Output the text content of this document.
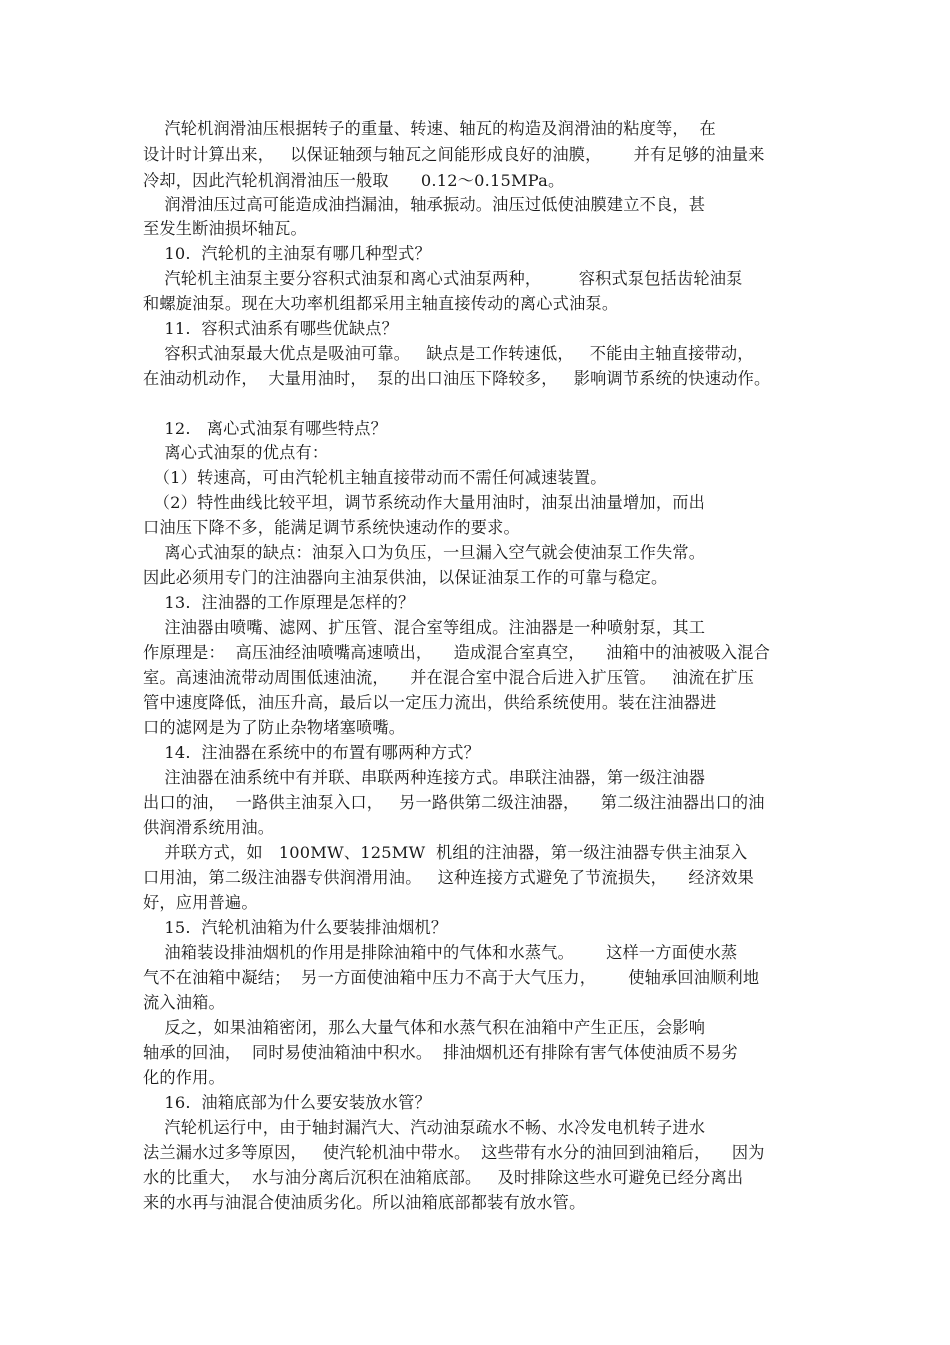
汽轮机润滑油压根据转子的重量、转速、轴瓦的构造及润滑油的粘度等，  在
设计时计算出来，   以保证轴颈与轴瓦之间能形成良好的油膜，      并有足够的油量来
冷却，因此汽轮机润滑油压一般取      0.12～0.15MPa。
润滑油压过高可能造成油挡漏油，轴承振动。油压过低使油膜建立不良，甚
至发生断油损坏轴瓦。
10.  汽轮机的主油泵有哪几种型式？
汽轮机主油泵主要分容积式油泵和离心式油泵两种，       容积式泵包括齿轮油泵
和螺旋油泵。现在大功率机组都采用主轴直接传动的离心式油泵。
11.  容积式油系有哪些优缺点？
容积式油泵最大优点是吸油可靠。   缺点是工作转速低，   不能由主轴直接带动，
在油动机动作，  大量用油时，  泵的出口油压下降较多，   影响调节系统的快速动作。
12.   离心式油泵有哪些特点？
离心式油泵的优点有：
（1）转速高，可由汽轮机主轴直接带动而不需任何减速装置。
（2）特性曲线比较平坦，调节系统动作大量用油时，油泵出油量增加，而出
口油压下降不多，能满足调节系统快速动作的要求。
离心式油泵的缺点：油泵入口为负压，一旦漏入空气就会使油泵工作失常。
因此必须用专门的注油器向主油泵供油，以保证油泵工作的可靠与稳定。
13.  注油器的工作原理是怎样的？
注油器由喷嘴、滤网、扩压管、混合室等组成。注油器是一种喷射泵，其工
作原理是：  高压油经油喷嘴高速喷出，    造成混合室真空，    油箱中的油被吸入混合
室。高速油流带动周围低速油流，    并在混合室中混合后进入扩压管。   油流在扩压
管中速度降低，油压升高，最后以一定压力流出，供给系统使用。装在注油器进
口的滤网是为了防止杂物堵塞喷嘴。
14.  注油器在系统中的布置有哪两种方式？
注油器在油系统中有并联、串联两种连接方式。串联注油器，第一级注油器
出口的油，  一路供主油泵入口，   另一路供第二级注油器，    第二级注油器出口的油
供润滑系统用油。
并联方式，如   100MW、125MW  机组的注油器，第一级注油器专供主油泵入
口用油，第二级注油器专供润滑用油。   这种连接方式避免了节流损失，    经济效果
好，应用普遍。
15.  汽轮机油箱为什么要装排油烟机？
油箱装设排油烟机的作用是排除油箱中的气体和水蒸气。      这样一方面使水蒸
气不在油箱中凝结；  另一方面使油箱中压力不高于大气压力，      使轴承回油顺利地
流入油箱。
反之，如果油箱密闭，那么大量气体和水蒸气积在油箱中产生正压，会影响
轴承的回油，  同时易使油箱油中积水。  排油烟机还有排除有害气体使油质不易劣
化的作用。
16.  油箱底部为什么要安装放水管？
汽轮机运行中，由于轴封漏汽大、汽动油泵疏水不畅、水冷发电机转子进水
法兰漏水过多等原因，   使汽轮机油中带水。  这些带有水分的油回到油箱后，    因为
水的比重大，  水与油分离后沉积在油箱底部。   及时排除这些水可避免已经分离出
来的水再与油混合使油质劣化。所以油箱底部都装有放水管。
